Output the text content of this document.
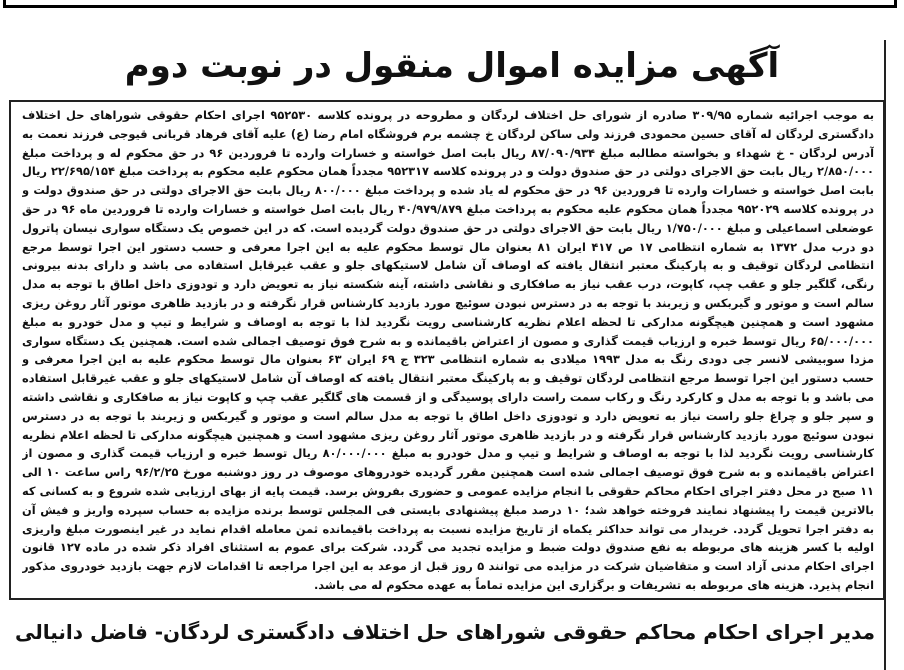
آگهی مزایده اموال منقول در نوبت دوم
به موجب اجرائیه شماره ۳۰۹/۹۵ صادره از شورای حل اختلاف لردگان و مطروحه در پرونده کلاسه ۹۵۲۵۳۰ اجرای احکام حقوقی شوراهای حل اختلاف دادگستری لردگان له آقای حسین محمودی فرزند ولی ساکن لردگان خ چشمه برم فروشگاه امام رضا (ع) علیه آقای فرهاد قربانی قیوجی فرزند نعمت به آدرس لردگان - خ شهداء و بخواسته مطالبه مبلغ ۸۷/۰۹۰/۹۳۴ ریال بابت اصل خواسته و خسارات وارده تا فروردین ۹۶ در حق محکوم له و پرداخت مبلغ ۲/۸۵۰/۰۰۰ ریال بابت حق الاجرای دولتی در حق صندوق دولت و در پرونده کلاسه ۹۵۲۳۱۷ مجدداً همان محکوم علیه محکوم به پرداخت مبلغ ۲۲/۶۹۵/۱۵۴ ریال بابت اصل خواسته و خسارات وارده تا فروردین ۹۶ در حق محکوم له یاد شده و پرداخت مبلغ ۸۰۰/۰۰۰ ریال بابت حق الاجرای دولتی در حق صندوق دولت و در پرونده کلاسه ۹۵۲۰۲۹ مجدداً همان محکوم علیه محکوم به پرداخت مبلغ ۴۰/۹۷۹/۸۷۹ ریال بابت اصل خواسته و خسارات وارده تا فروردین ماه ۹۶ در حق عوضعلی اسماعیلی و مبلغ ۱/۷۵۰/۰۰۰ ریال بابت حق الاجرای دولتی در حق صندوق دولت گردیده است. که در این خصوص یک دستگاه سواری نیسان پاترول دو درب مدل ۱۳۷۲ به شماره انتظامی ۱۷ ص ۴۱۷ ایران ۸۱ بعنوان مال توسط محکوم علیه به این اجرا معرفی و حسب دستور این اجرا توسط مرجع انتظامی لردگان توقیف و به پارکینگ معتبر انتقال یافته که اوصاف آن شامل لاستیکهای جلو و عقب غیرقابل استفاده می باشد و دارای بدنه بیرونی رنگی، گلگیر جلو و عقب چپ، کاپوت، درب عقب نیاز به صافکاری و نقاشی داشته، آینه شکسته نیاز به تعویض دارد و تودوزی داخل اطاق با توجه به مدل سالم است و موتور و گیربکس و زیربند با توجه به در دسترس نبودن سوئیچ مورد بازدید کارشناس قرار نگرفته و در بازدید ظاهری موتور آثار روغن ریزی مشهود است و همچنین هیچگونه مدارکی تا لحظه اعلام نظریه کارشناسی رویت نگردید لذا با توجه به اوصاف و شرایط و تیپ و مدل خودرو به مبلغ ۶۵/۰۰۰/۰۰۰ ریال توسط خبره و ارزیاب قیمت گذاری و مصون از اعتراض باقیمانده و به شرح فوق توصیف اجمالی شده است. همچنین یک دستگاه سواری مزدا سوبیشی لانسر جی دودی رنگ به مدل ۱۹۹۳ میلادی به شماره انتظامی ۳۲۳ ج ۶۹ ایران ۶۳ بعنوان مال توسط محکوم علیه به این اجرا معرفی و حسب دستور این اجرا توسط مرجع انتظامی لردگان توقیف و به پارکینگ معتبر انتقال یافته که اوصاف آن شامل لاستیکهای جلو و عقب غیرقابل استفاده می باشد و با توجه به مدل و کارکرد رنگ و رکاب سمت راست دارای پوسیدگی و از قسمت های گلگیر عقب چپ و کاپوت نیاز به صافکاری و نقاشی داشته و سپر جلو و چراغ جلو راست نیاز به تعویض دارد و تودوزی داخل اطاق با توجه به مدل سالم است و موتور و گیربکس و زیربند با توجه به در دسترس نبودن سوئیچ مورد بازدید کارشناس قرار نگرفته و در بازدید ظاهری موتور آثار روغن ریزی مشهود است و همچنین هیچگونه مدارکی تا لحظه اعلام نظریه کارشناسی رویت نگردید لذا با توجه به اوصاف و شرایط و تیپ و مدل خودرو به مبلغ ۸۰/۰۰۰/۰۰۰ ریال توسط خبره و ارزیاب قیمت گذاری و مصون از اعتراض باقیمانده و به شرح فوق توصیف اجمالی شده است همچنین مقرر گردیده خودروهای موصوف در روز دوشنبه مورخ ۹۶/۲/۲۵ راس ساعت ۱۰ الی ۱۱ صبح در محل دفتر اجرای احکام محاکم حقوقی با انجام مزایده عمومی و حضوری بفروش برسد. قیمت پایه از بهای ارزیابی شده شروع و به کسانی که بالاترین قیمت را پیشنهاد نمایند فروخته خواهد شد؛ ۱۰ درصد مبلغ پیشنهادی بایستی فی المجلس توسط برنده مزایده به حساب سپرده واریز و فیش آن به دفتر اجرا تحویل گردد. خریدار می تواند حداکثر یکماه از تاریخ مزایده نسبت به پرداخت باقیمانده ثمن معامله اقدام نماید در غیر اینصورت مبلغ واریزی اولیه با کسر هزینه های مربوطه به نفع صندوق دولت ضبط و مزایده تجدید می گردد. شرکت برای عموم به استثنای افراد ذکر شده در ماده ۱۲۷ قانون اجرای احکام مدنی آزاد است و متقاضیان شرکت در مزایده می توانند ۵ روز قبل از موعد به این اجرا مراجعه تا اقدامات لازم جهت بازدید خودروی مذکور انجام پذیرد. هزینه های مربوطه به تشریفات و برگزاری این مزایده تماماً به عهده محکوم له می باشد.
مدیر اجرای احکام محاکم حقوقی شوراهای حل اختلاف دادگستری لردگان- فاضل دانیالی
